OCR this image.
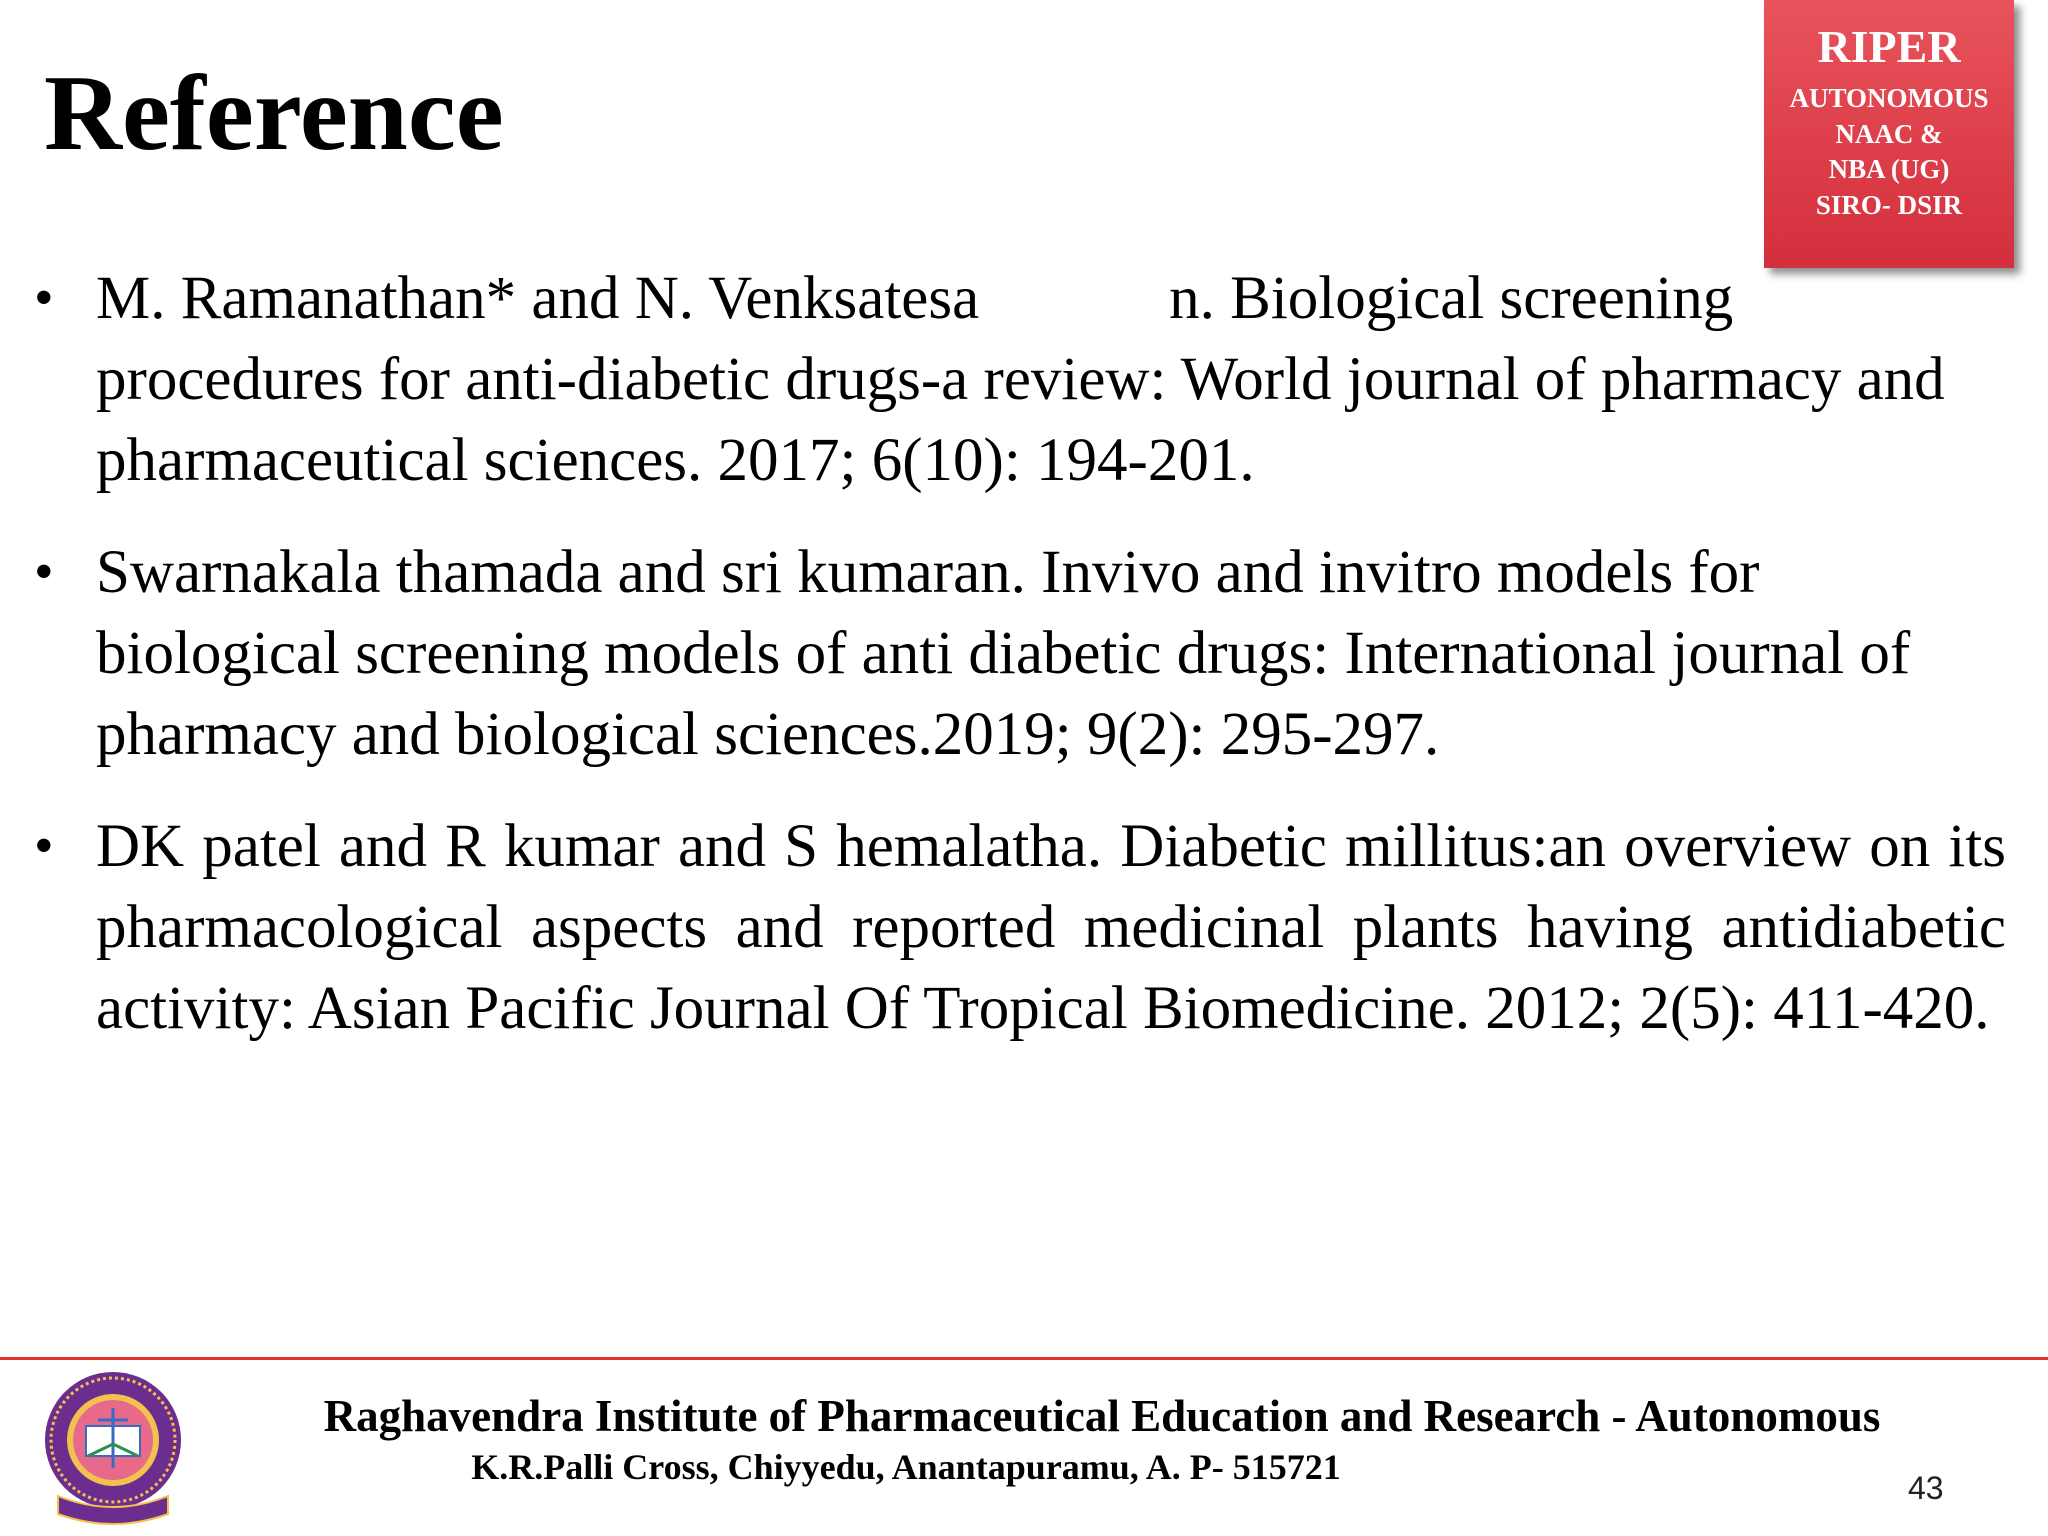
Reference
RIPER
AUTONOMOUS
NAAC &
NBA (UG)
SIRO- DSIR
• M. Ramanathan* and N. Venksatesa	n. Biological screening procedures for anti-diabetic drugs-a review: World journal of pharmacy and pharmaceutical sciences. 2017; 6(10): 194-201.
• Swarnakala thamada and sri kumaran. Invivo and invitro models for biological screening models of anti diabetic drugs: International journal of pharmacy and biological sciences.2019; 9(2): 295-297.
• DK patel and R kumar and S hemalatha. Diabetic millitus:an overview on its pharmacological aspects and reported medicinal plants having antidiabetic activity: Asian Pacific Journal Of Tropical Biomedicine. 2012; 2(5): 411-420.
Raghavendra Institute of Pharmaceutical Education and Research - Autonomous
K.R.Palli Cross, Chiyyedu, Anantapuramu, A. P- 515721
43
